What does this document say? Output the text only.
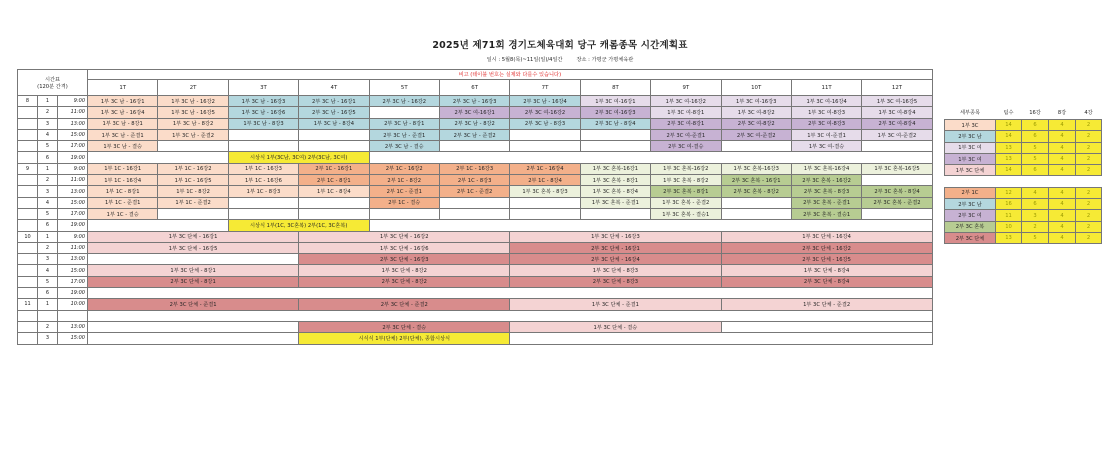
2025년 제71회 경기도체육대회 당구 캐롬종목 시간계획표
일시 : 5월8(목)~11일(일)/4일간	장소 : 가평군 가평체육관
시간표
(120분 간격)			비고 (테이블 번호는 실제와 다를수 있습니다)											
			1T	2T	3T	4T	5T	6T	7T	8T	9T	10T	11T	12T
8	1	9:00	1부 3C 남 - 16강1	1부 3C 남 - 16강2	1부 3C 남 - 16강3	2부 3C 남 - 16강1	2부 3C 남 - 16강2	2부 3C 남 - 16강3	2부 3C 남 - 16강4	1부 3C 여-16강1	1부 3C 여-16강2	1부 3C 여-16강3	1부 3C 여-16강4	1부 3C 여-16강5
	2	11:00	1부 3C 남 - 16강4	1부 3C 남 - 16강5	1부 3C 남 - 16강6	2부 3C 남 - 16강5		2부 3C 여-16강1	2부 3C 여-16강2	2부 3C 여-16강3	1부 3C 여-8강1	1부 3C 여-8강2	1부 3C 여-8강3	1부 3C 여-8강4
	3	13:00	1부 3C 남 - 8강1	1부 3C 남 - 8강2	1부 3C 남 - 8강3	1부 3C 남 - 8강4	2부 3C 남 - 8강1	2부 3C 남 - 8강2	2부 3C 남 - 8강3	2부 3C 남 - 8강4	2부 3C 여-8강1	2부 3C 여-8강2	2부 3C 여-8강3	2부 3C 여-8강4
	4	15:00	1부 3C 남 - 준결1	1부 3C 남 - 준결2			2부 3C 남 - 준결1	2부 3C 남 - 준결2			2부 3C 여-준결1	2부 3C 여-준결2	1부 3C 여-준결1	1부 3C 여-준결2
	5	17:00	1부 3C 남 - 결승				2부 3C 남 - 결승				2부 3C 여-결승		1부 3C 여-결승	
	6	19:00			시상식 1부(3C남, 3C여) 2부(3C남, 3C여)									
9	1	9:00	1부 1C - 16강1	1부 1C - 16강2	1부 1C - 16강3	2부 1C - 16강1	2부 1C - 16강2	2부 1C - 16강3	2부 1C - 16강4	1부 3C 혼복-16강1	1부 3C 혼복-16강2	1부 3C 혼복-16강3	1부 3C 혼복-16강4	1부 3C 혼복-16강5
	2	11:00	1부 1C - 16강4	1부 1C - 16강5	1부 1C - 16강6	2부 1C - 8강1	2부 1C - 8강2	2부 1C - 8강3	2부 1C - 8강4	1부 3C 혼복 - 8강1	1부 3C 혼복 - 8강2	2부 3C 혼복 - 16강1	2부 3C 혼복 - 16강2	
	3	13:00	1부 1C - 8강1	1부 1C - 8강2	1부 1C - 8강3	1부 1C - 8강4	2부 1C - 준결1	2부 1C - 준결2	1부 3C 혼복 - 8강3	1부 3C 혼복 - 8강4	2부 3C 혼복 - 8강1	2부 3C 혼복 - 8강2	2부 3C 혼복 - 8강3	2부 3C 혼복 - 8강4
	4	15:00	1부 1C - 준결1	1부 1C - 준결2			2부 1C - 결승			1부 3C 혼복 - 준결1	1부 3C 혼복 - 준결2		2부 3C 혼복 - 준결1	2부 3C 혼복 - 준결2
	5	17:00	1부 1C - 결승								1부 3C 혼복 - 결승1		2부 3C 혼복 - 결승1	
	6	19:00			시상식 1부(1C, 3C혼복) 2부(1C, 3C혼복)									
10	1	9:00	1부 3C 단체 - 16강1			1부 3C 단체 - 16강2			1부 3C 단체 - 16강3			1부 3C 단체 - 16강4		
	2	11:00	1부 3C 단체 - 16강5			1부 3C 단체 - 16강6			2부 3C 단체 - 16강1			2부 3C 단체 - 16강2		
	3	13:00				2부 3C 단체 - 16강3			2부 3C 단체 - 16강4			2부 3C 단체 - 16강5		
	4	15:00	1부 3C 단체 - 8강1			1부 3C 단체 - 8강2			1부 3C 단체 - 8강3			1부 3C 단체 - 8강4		
	5	17:00	2부 3C 단체 - 8강1			2부 3C 단체 - 8강2			2부 3C 단체 - 8강3			2부 3C 단체 - 8강4		
	6	19:00												
11	1	10:00	2부 3C 단체 - 준결1			2부 3C 단체 - 준결2			1부 3C 단체 - 준결1			1부 3C 단체 - 준결2		

	2	13:00				2부 3C 단체 - 결승			1부 3C 단체 - 결승					
	3	15:00				시식식 1부(단체) 2부(단체), 종합시상식								
세부종목	팀수	16강	8강	4강
1부 3C	14	6	4	2
2부 3C 남	14	6	4	2
1부 3C 여	13	5	4	2
1부 3C 여	13	5	4	2
1부 3C 단체	14	6	4	2

2부 1C	12	4	4	2
2부 3C 남	16	6	4	2
2부 3C 여	11	3	4	2
2부 3C 혼복	10	2	4	2
2부 3C 단체	13	5	4	2
